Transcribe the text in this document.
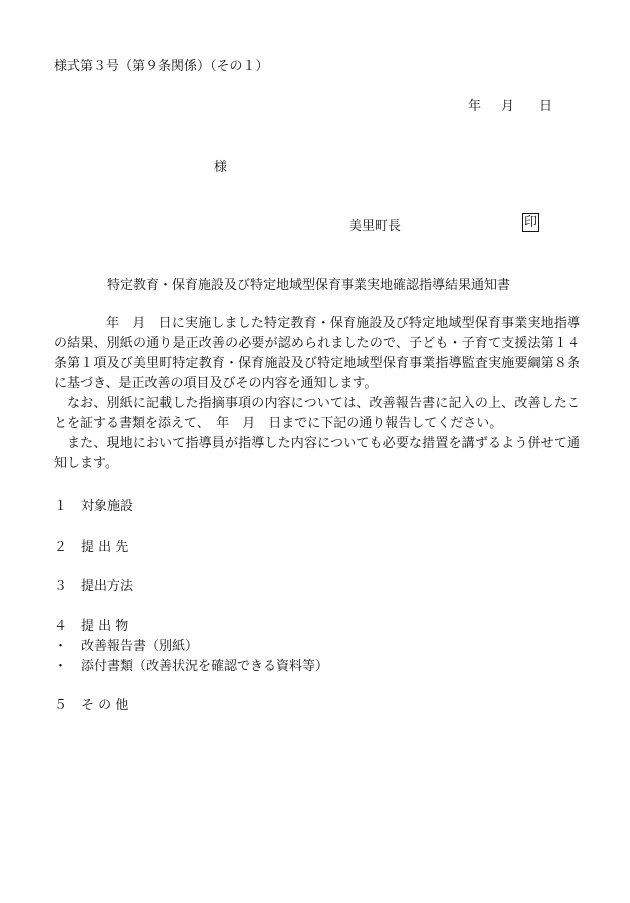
様式第３号（第９条関係）（その１）
年 月 日
様
美里町長	印
特定教育・保育施設及び特定地域型保育事業実地確認指導結果通知書

年　月　日に実施しました特定教育・保育施設及び特定地域型保育事業実地指導の結果、別紙の通り是正改善の必要が認められましたので、子ども・子育て支援法第１４条第１項及び美里町特定教育・保育施設及び特定地域型保育事業指導監査実施要綱第８条に基づき、是正改善の項目及びその内容を通知します。

なお、別紙に記載した指摘事項の内容については、改善報告書に記入の上、改善したことを証する書類を添えて、　年　月　日までに下記の通り報告してください。

また、現地において指導員が指導した内容についても必要な措置を講ずるよう併せて通知します。

１ 対象施設
２ 提 出 先
３ 提出方法
４ 提 出 物
・ 改善報告書（別紙）
・ 添付書類（改善状況を確認できる資料等）
５ そ の 他
